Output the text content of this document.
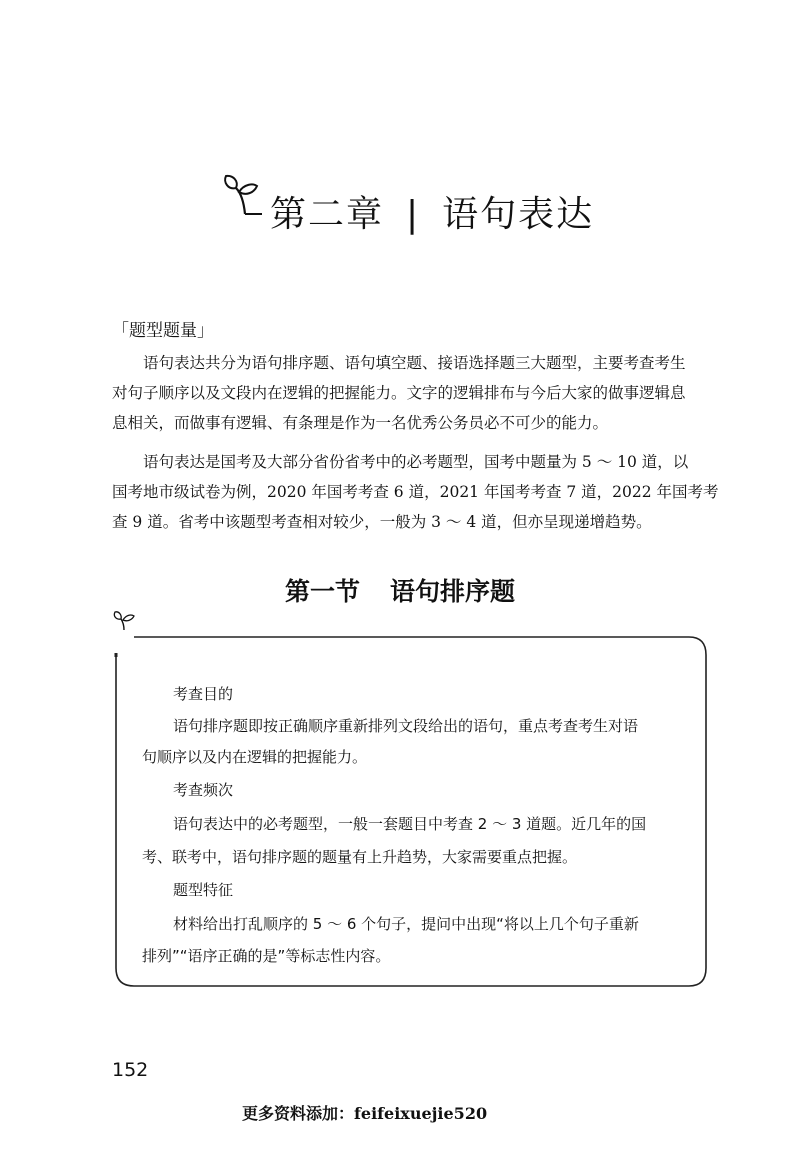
第二章 | 语句表达
「题型题量」
语句表达共分为语句排序题、语句填空题、接语选择题三大题型，主要考查考生
对句子顺序以及文段内在逻辑的把握能力。文字的逻辑排布与今后大家的做事逻辑息
息相关，而做事有逻辑、有条理是作为一名优秀公务员必不可少的能力。
语句表达是国考及大部分省份省考中的必考题型，国考中题量为 5 ～ 10 道，以
国考地市级试卷为例，2020 年国考考查 6 道，2021 年国考考查 7 道，2022 年国考考
查 9 道。省考中该题型考查相对较少，一般为 3 ～ 4 道，但亦呈现递增趋势。
第一节 语句排序题
考查目的
语句排序题即按正确顺序重新排列文段给出的语句，重点考查考生对语
句顺序以及内在逻辑的把握能力。
考查频次
语句表达中的必考题型，一般一套题目中考查 2 ～ 3 道题。近几年的国
考、联考中，语句排序题的题量有上升趋势，大家需要重点把握。
题型特征
材料给出打乱顺序的 5 ～ 6 个句子，提问中出现“将以上几个句子重新
排列”“语序正确的是”等标志性内容。
152
更多资料添加：feifeixuejie520
